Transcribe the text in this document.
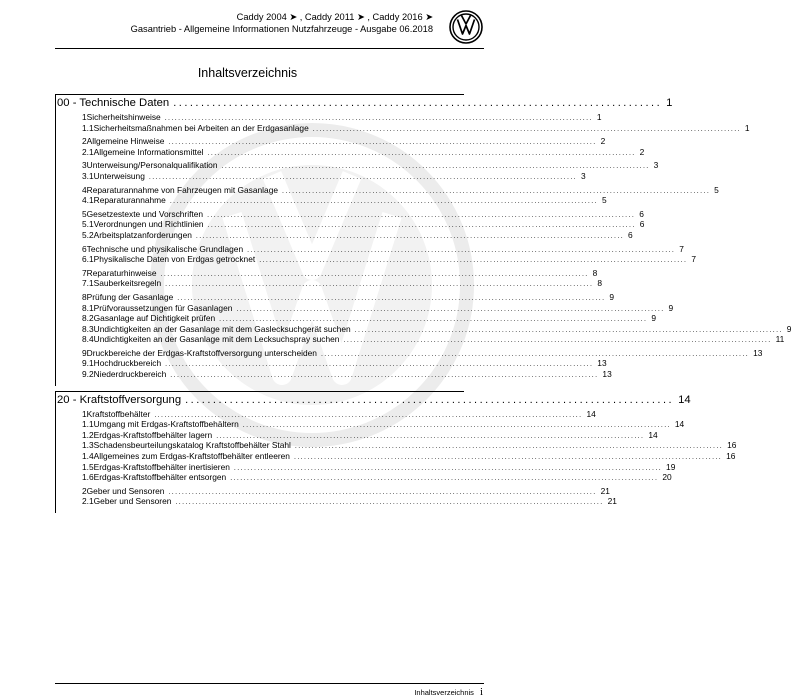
Caddy 2004 ➤ , Caddy 2011 ➤ , Caddy 2016 ➤
Gasantrieb - Allgemeine Informationen Nutzfahrzeuge - Ausgabe 06.2018
Inhaltsverzeichnis
00 - Technische Daten ........................................................................................ 1
1 Sicherheitshinweise ................................................................................................................................ 1
1.1 Sicherheitsmaßnahmen bei Arbeiten an der Erdgasanlage ................................................................................................................................ 1
2 Allgemeine Hinweise ................................................................................................................................ 2
2.1 Allgemeine Informationsmittel ................................................................................................................................ 2
3 Unterweisung/Personalqualifikation ................................................................................................................................ 3
3.1 Unterweisung ................................................................................................................................ 3
4 Reparaturannahme von Fahrzeugen mit Gasanlage ................................................................................................................................ 5
4.1 Reparaturannahme ................................................................................................................................ 5
5 Gesetzestexte und Vorschriften ................................................................................................................................ 6
5.1 Verordnungen und Richtlinien ................................................................................................................................ 6
5.2 Arbeitsplatzanforderungen ................................................................................................................................ 6
6 Technische und physikalische Grundlagen ................................................................................................................................ 7
6.1 Physikalische Daten von Erdgas getrocknet ................................................................................................................................ 7
7 Reparaturhinweise ................................................................................................................................ 8
7.1 Sauberkeitsregeln ................................................................................................................................ 8
8 Prüfung der Gasanlage ................................................................................................................................ 9
8.1 Prüfvoraussetzungen für Gasanlagen ................................................................................................................................ 9
8.2 Gasanlage auf Dichtigkeit prüfen ................................................................................................................................ 9
8.3 Undichtigkeiten an der Gasanlage mit dem Gaslecksuchgerät suchen ................................................................................................................................ 9
8.4 Undichtigkeiten an der Gasanlage mit dem Lecksuchspray suchen ................................................................................................................................ 11
9 Druckbereiche der Erdgas-Kraftstoffversorgung unterscheiden ................................................................................................................................ 13
9.1 Hochdruckbereich ................................................................................................................................ 13
9.2 Niederdruckbereich ................................................................................................................................ 13
20 - Kraftstoffversorgung ........................................................................................ 14
1 Kraftstoffbehälter ................................................................................................................................ 14
1.1 Umgang mit Erdgas-Kraftstoffbehältern ................................................................................................................................ 14
1.2 Erdgas-Kraftstoffbehälter lagern ................................................................................................................................ 14
1.3 Schadensbeurteilungskatalog Kraftstoffbehälter Stahl ................................................................................................................................ 16
1.4 Allgemeines zum Erdgas-Kraftstoffbehälter entleeren ................................................................................................................................ 16
1.5 Erdgas-Kraftstoffbehälter inertisieren ................................................................................................................................ 19
1.6 Erdgas-Kraftstoffbehälter entsorgen ................................................................................................................................ 20
2 Geber und Sensoren ................................................................................................................................ 21
2.1 Geber und Sensoren ................................................................................................................................ 21
Inhaltsverzeichnis i
